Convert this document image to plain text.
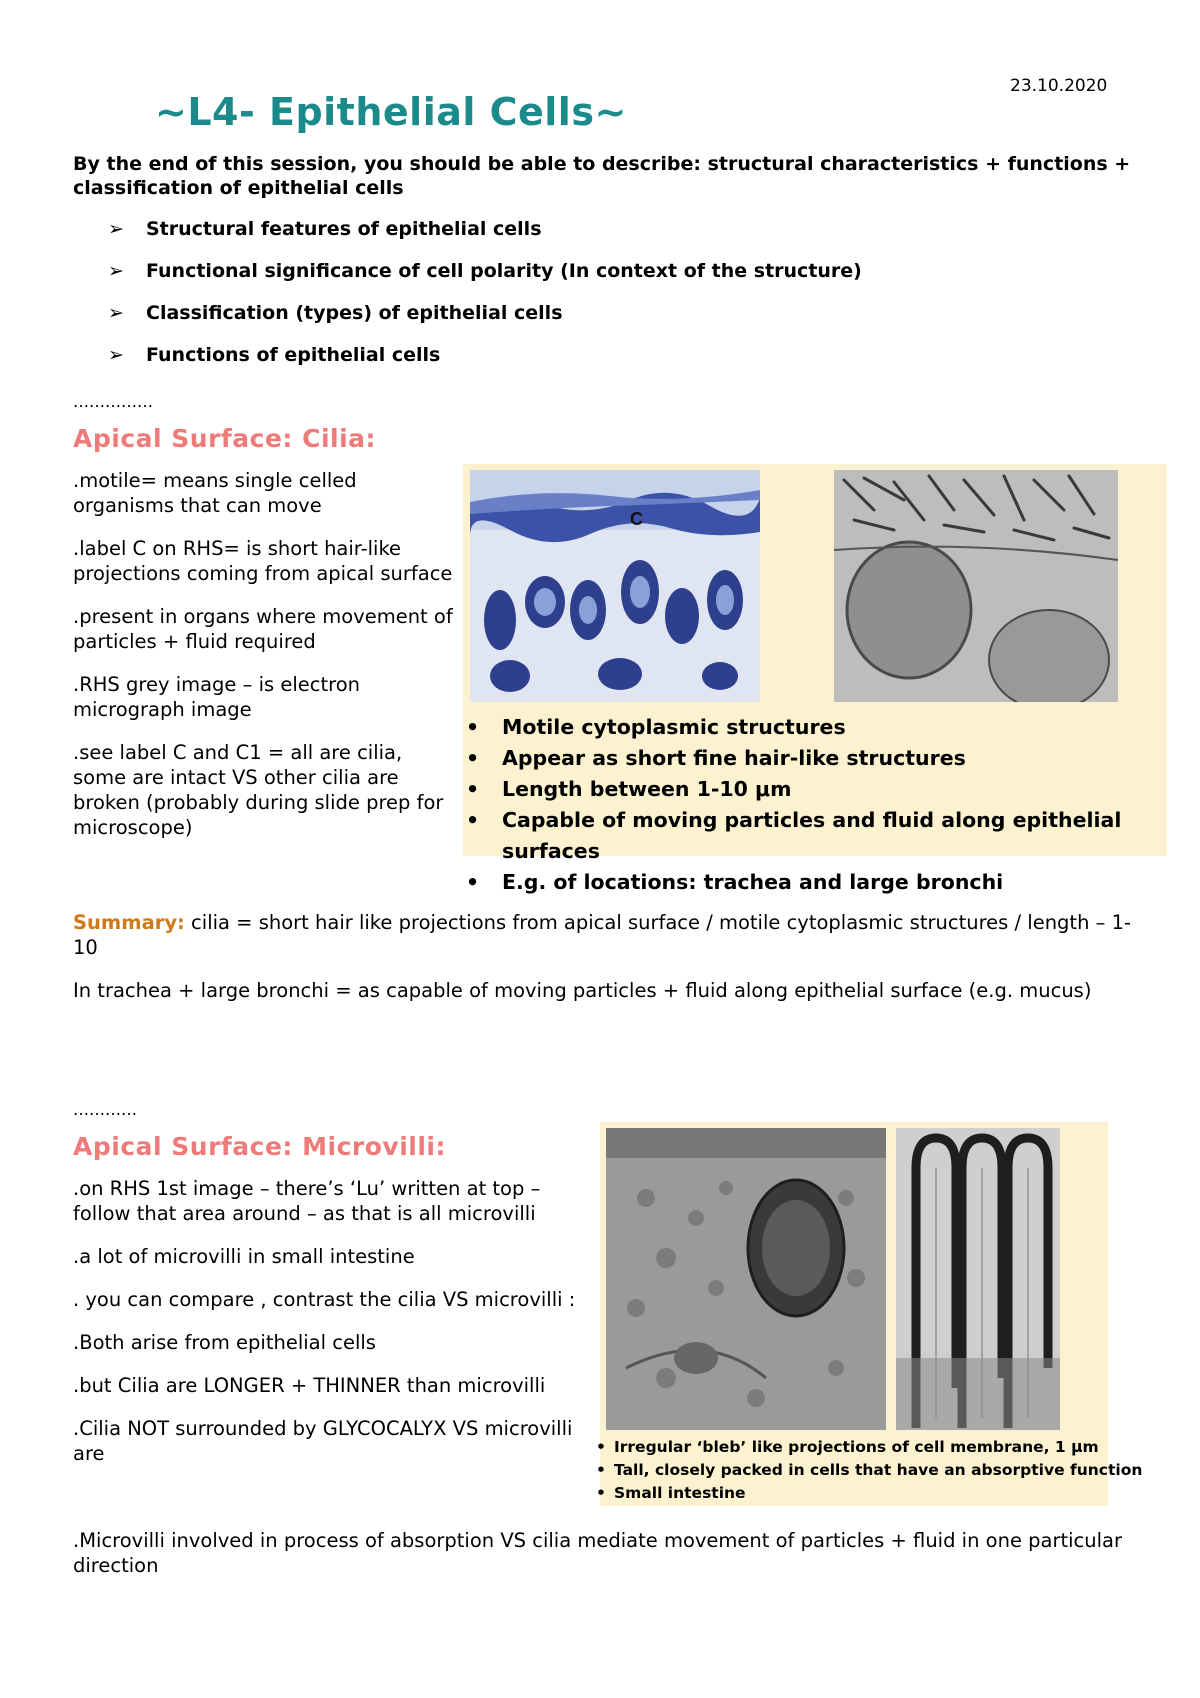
23.10.2020
~L4- Epithelial Cells~
By the end of this session, you should be able to describe: structural characteristics + functions + classification of epithelial cells
➢	Structural features of epithelial cells
➢	Functional significance of cell polarity (In context of the structure)
➢	Classification (types) of epithelial cells
➢	Functions of epithelial cells
……………
Apical Surface: Cilia:

.motile= means single celled organisms that can move

.label C on RHS= is short hair-like projections coming from apical surface

.present in organs where movement of particles + fluid required

.RHS grey image – is electron micrograph image

.see label C and C1 = all are cilia, some are intact VS other cilia are broken (probably during slide prep for microscope)

C
•	Motile cytoplasmic structures
•	Appear as short fine hair-like structures
•	Length between 1-10 μm
•	Capable of moving particles and fluid along epithelial surfaces
•	E.g. of locations: trachea and large bronchi

Summary: cilia = short hair like projections from apical surface / motile cytoplasmic structures / length – 1-10

In trachea + large bronchi = as capable of moving particles + fluid along epithelial surface (e.g. mucus)

…………
Apical Surface: Microvilli:

.on RHS 1st image – there’s ‘Lu’ written at top – follow that area around – as that is all microvilli

.a lot of microvilli in small intestine

. you can compare , contrast the cilia VS microvilli :

.Both arise from epithelial cells

.but Cilia are LONGER + THINNER than microvilli

.Cilia NOT surrounded by GLYCOCALYX VS microvilli are	• Irregular ‘bleb’ like projections of cell membrane, 1 μm
• Tall, closely packed in cells that have an absorptive function
• Small intestine

.Microvilli involved in process of absorption VS cilia mediate movement of particles + fluid in one particular direction
